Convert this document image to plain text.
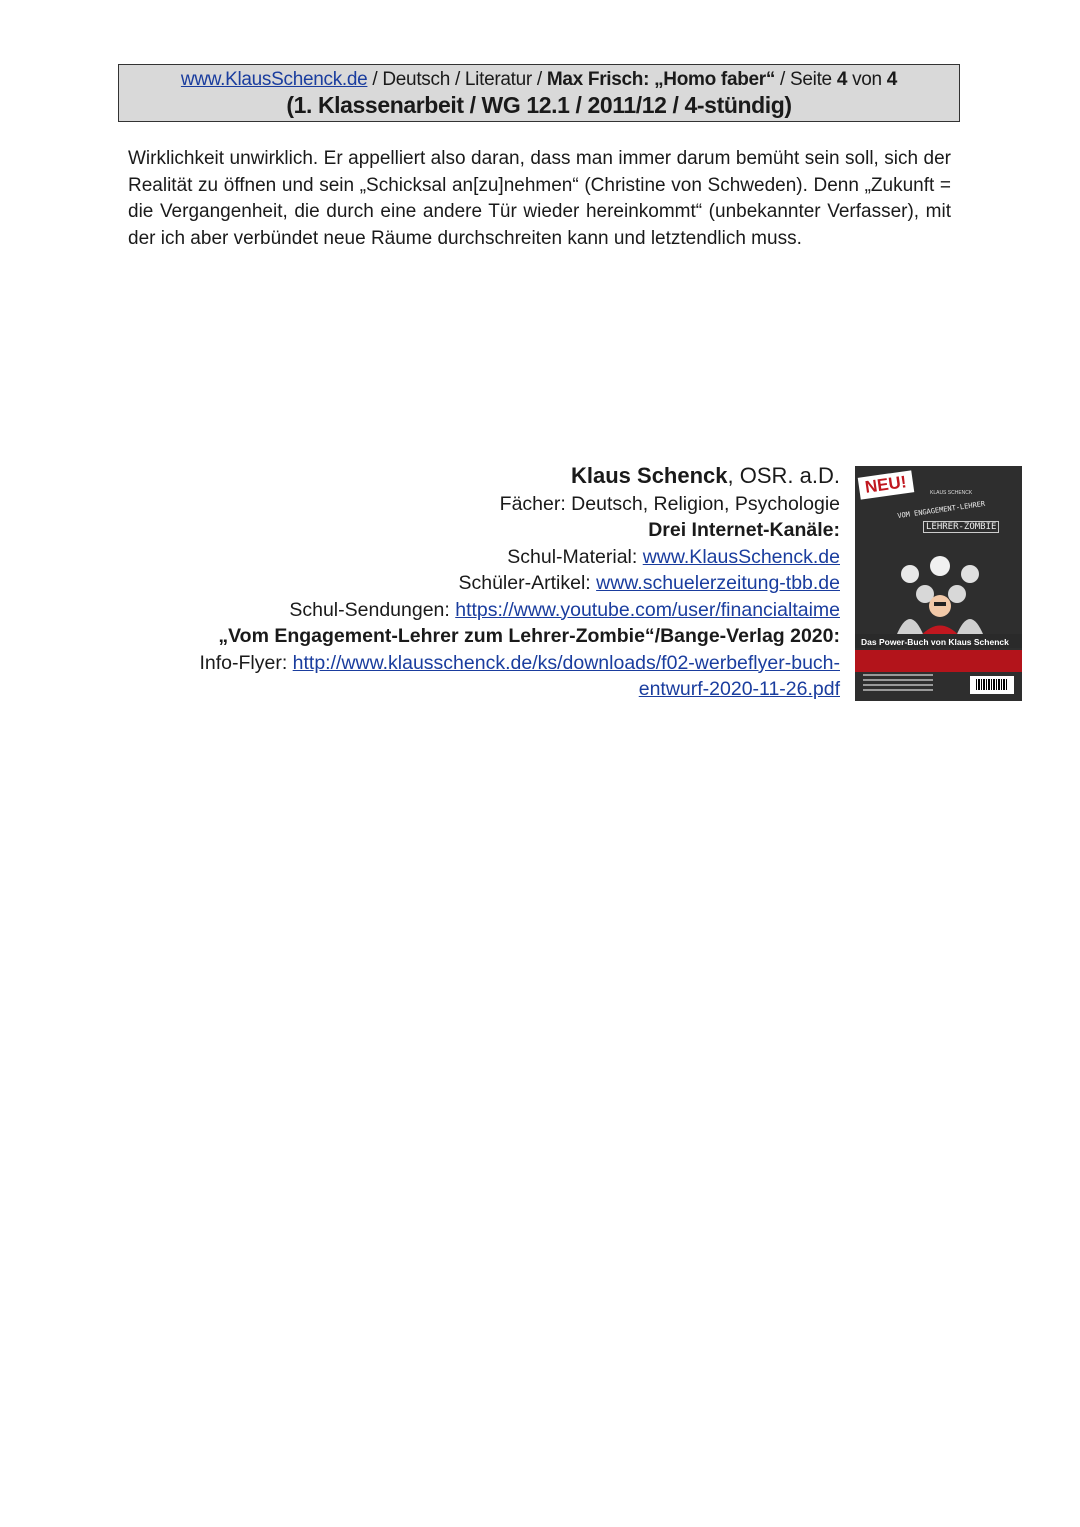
www.KlausSchenck.de / Deutsch / Literatur / Max Frisch: „Homo faber“ / Seite 4 von 4
(1. Klassenarbeit / WG 12.1 / 2011/12 / 4-stündig)
Wirklichkeit unwirklich. Er appelliert also daran, dass man immer darum bemüht sein soll, sich der Realität zu öffnen und sein „Schicksal an[zu]nehmen“ (Christine von Schweden). Denn „Zukunft = die Vergangenheit, die durch eine andere Tür wieder hereinkommt“ (unbekannter Verfasser), mit der ich aber verbündet neue Räume durchschreiten kann und letztendlich muss.
Klaus Schenck, OSR. a.D.
Fächer: Deutsch, Religion, Psychologie
Drei Internet-Kanäle:
Schul-Material: www.KlausSchenck.de
Schüler-Artikel: www.schuelerzeitung-tbb.de
Schul-Sendungen: https://www.youtube.com/user/financialtaime
„Vom Engagement-Lehrer zum Lehrer-Zombie“/Bange-Verlag 2020:
Info-Flyer: http://www.klausschenck.de/ks/downloads/f02-werbeflyer-buch-
entwurf-2020-11-26.pdf
NEU!	KLAUS SCHENCK
VOM ENGAGEMENT-LEHRER
LEHRER-ZOMBIE
Das Power-Buch von Klaus Schenck
